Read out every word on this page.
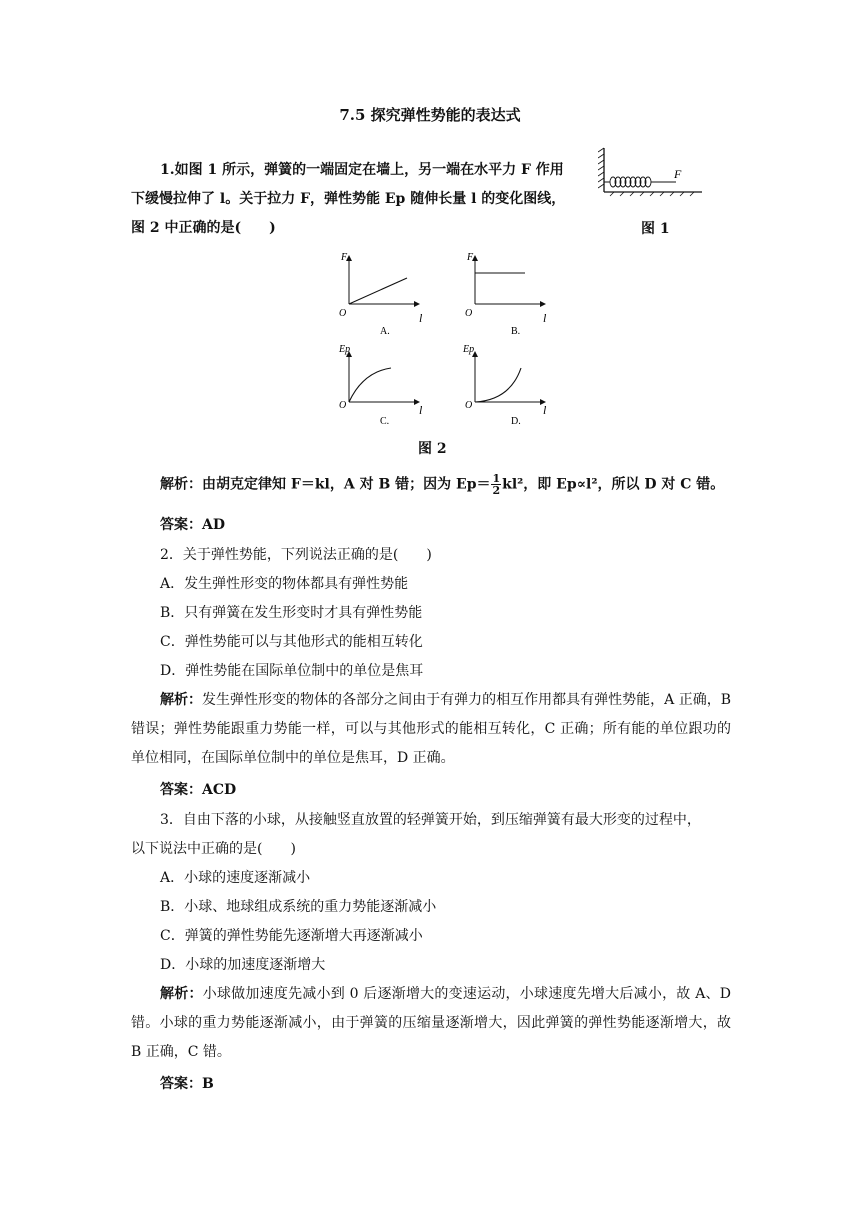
7.5 探究弹性势能的表达式
1.如图 1 所示，弹簧的一端固定在墙上，另一端在水平力 F 作用
下缓慢拉伸了 l。关于拉力 F，弹性势能 Ep 随伸长量 l 的变化图线，
图 2 中正确的是(　　)
F
图 1
F
O	l
A.
F
O	l
B.
Ep
O	l
C.
Ep
O	l
D.
图 2
解析：由胡克定律知 F＝kl，A 对 B 错；因为 $Ep= \frac{1}{2} kl^2$，即 Ep∝l²，所以 D 对 C 错。
答案：AD
2．关于弹性势能，下列说法正确的是(　　)
A．发生弹性形变的物体都具有弹性势能
B．只有弹簧在发生形变时才具有弹性势能
C．弹性势能可以与其他形式的能相互转化
D．弹性势能在国际单位制中的单位是焦耳
解析：发生弹性形变的物体的各部分之间由于有弹力的相互作用都具有弹性势能，A 正确，B 错误；弹性势能跟重力势能一样，可以与其他形式的能相互转化，C 正确；所有能的单位跟功的单位相同，在国际单位制中的单位是焦耳，D 正确。
答案：ACD
3．自由下落的小球，从接触竖直放置的轻弹簧开始，到压缩弹簧有最大形变的过程中，
以下说法中正确的是(　　)
A．小球的速度逐渐减小
B．小球、地球组成系统的重力势能逐渐减小
C．弹簧的弹性势能先逐渐增大再逐渐减小
D．小球的加速度逐渐增大
解析：小球做加速度先减小到 0 后逐渐增大的变速运动，小球速度先增大后减小，故 A、D 错。小球的重力势能逐渐减小，由于弹簧的压缩量逐渐增大，因此弹簧的弹性势能逐渐增大，故 B 正确，C 错。
答案：B
